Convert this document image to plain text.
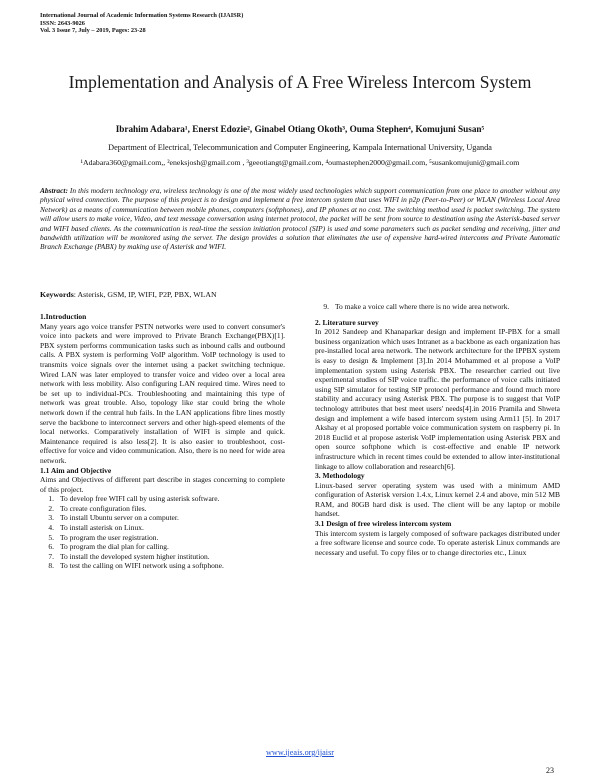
International Journal of Academic Information Systems Research (IJAISR)
ISSN: 2643-9026
Vol. 3 Issue 7, July – 2019, Pages: 23-28
Implementation and Analysis of A Free Wireless Intercom System
Ibrahim Adabara¹, Enerst Edozie², Ginabel Otiang Okoth³, Ouma Stephen⁴, Komujuni Susan⁵
Department of Electrical, Telecommunication and Computer Engineering, Kampala International University, Uganda
¹Adabara360@gmail.com,, ²eneksjosh@gmail.com , ³geeotiangt@gmail.com, ⁴oumastephen2000@gmail.com, ⁵susankomujuni@gmail.com
Abstract: In this modern technology era, wireless technology is one of the most widely used technologies which support communication from one place to another without any physical wired connection. The purpose of this project is to design and implement a free intercom system that uses WIFI in p2p (Peer-to-Peer) or WLAN (Wireless Local Area Network) as a means of communication between mobile phones, computers (softphones), and IP phones at no cost. The switching method used is packet switching. The system will allow users to make voice, Video, and text message conversation using internet protocol, the packet will be sent from source to destination using the Asterisk-based server and WIFI based clients. As the communication is real-time the session initiation protocol (SIP) is used and some parameters such as packet sending and receiving, jitter and bandwidth utilization will be monitored using the server. The design provides a solution that eliminates the use of expensive hard-wired intercoms and Private Automatic Branch Exchange (PABX) by making use of Asterisk and WIFI.
Keywords: Asterisk, GSM, IP, WIFI, P2P, PBX, WLAN

1.Introduction

Many years ago voice transfer PSTN networks were used to convert consumer's voice into packets and were improved to Private Branch Exchange(PBX)[1]. PBX system performs communication tasks such as inbound calls and outbound calls. A PBX system is performing VoIP algorithm. VoIP technology is used to transmits voice signals over the internet using a packet switching technique. Wired LAN was later employed to transfer voice and video over a local area network with less mobility. Also configuring LAN required time. Wires need to be set up to individual-PCs. Troubleshooting and maintaining this type of network was great trouble. Also, topology like star could bring the whole network down if the central hub fails. In the LAN applications fibre lines mostly serve the backbone to interconnect servers and other high-speed elements of the local networks. Comparatively installation of WIFI is simple and quick. Maintenance required is also less[2]. It is also easier to troubleshoot, cost-effective for voice and video communication. Also, there is no need for wide area network.

1.1 Aim and Objective

Aims and Objectives of different part describe in stages concerning to complete of this project.

1. To develop free WIFI call by using asterisk software.
2. To create configuration files.
3. To install Ubuntu server on a computer.
4. To install asterisk on Linux.
5. To program the user registration.
6. To program the dial plan for calling.
7. To install the developed system higher institution.
8. To test the calling on WIFI network using a softphone.
9. To make a voice call where there is no wide area network.

2. Literature survey

In 2012 Sandeep and Khanaparkar design and implement IP-PBX for a small business organization which uses Intranet as a backbone as each organization has pre-installed local area network. The network architecture for the IPPBX system is easy to design & Implement [3].In 2014 Mohammed et al propose a VoIP implementation system using Asterisk PBX. The researcher carried out live experimental studies of SIP voice traffic. the performance of voice calls initiated using SIP simulator for testing SIP protocol performance and found much more stability and accuracy using Asterisk PBX. The purpose is to suggest that VoIP technology attributes that best meet users' needs[4].in 2016 Pramila and Shweta design and implement a wife based intercom system using Arm11 [5]. In 2017 Akshay et al proposed portable voice communication system on raspberry pi. In 2018 Euclid et al propose asterisk VoIP implementation using Asterisk PBX and open source softphone which is cost-effective and enable IP network infrastructure which in recent times could be extended to allow inter-institutional linkage to allow collaboration and research[6].

3. Methodology

Linux-based server operating system was used with a minimum AMD configuration of Asterisk version 1.4.x, Linux kernel 2.4 and above, min 512 MB RAM, and 80GB hard disk is used. The client will be any laptop or mobile handset.

3.1 Design of free wireless intercom system

This intercom system is largely composed of software packages distributed under a free software license and source code. To operate asterisk Linux commands are necessary and useful. To copy files or to change directories etc., Linux

www.ijeais.org/ijaisr
23
